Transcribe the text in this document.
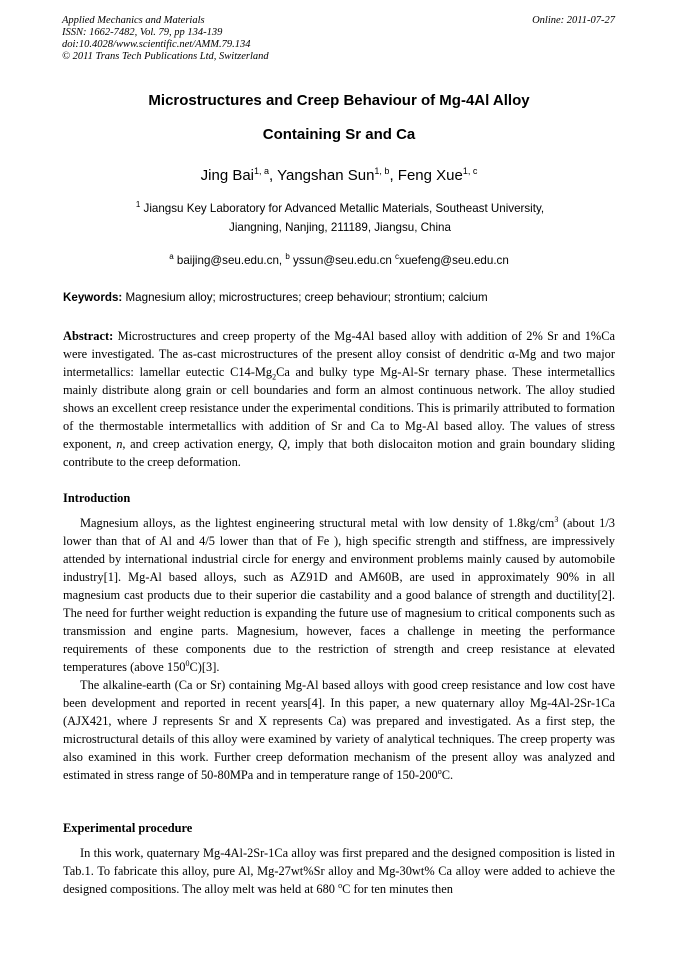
Applied Mechanics and Materials
ISSN: 1662-7482, Vol. 79, pp 134-139
doi:10.4028/www.scientific.net/AMM.79.134
© 2011 Trans Tech Publications Ltd, Switzerland
Online: 2011-07-27
Microstructures and Creep Behaviour of Mg-4Al Alloy
Containing Sr and Ca
Jing Bai$^{1, a}$, Yangshan Sun$^{1, b}$, Feng Xue$^{1, c}$
$^1$ Jiangsu Key Laboratory for Advanced Metallic Materials, Southeast University,
Jiangning, Nanjing, 211189, Jiangsu, China
$^a$ baijing@seu.edu.cn, $^b$ yssun@seu.edu.cn $^c$xuefeng@seu.edu.cn
Keywords: Magnesium alloy; microstructures; creep behaviour; strontium; calcium
Abstract: Microstructures and creep property of the Mg-4Al based alloy with addition of 2% Sr and 1%Ca were investigated. The as-cast microstructures of the present alloy consist of dendritic α-Mg and two major intermetallics: lamellar eutectic $C14-Mg_2Ca$ and bulky type Mg-Al-Sr ternary phase. These intermetallics mainly distribute along grain or cell boundaries and form an almost continuous network. The alloy studied shows an excellent creep resistance under the experimental conditions. This is primarily attributed to formation of the thermostable intermetallics with addition of Sr and Ca to Mg-Al based alloy. The values of stress exponent, n, and creep activation energy, Q, imply that both dislocaiton motion and grain boundary sliding contribute to the creep deformation.
Introduction
Magnesium alloys, as the lightest engineering structural metal with low density of $1.8kg/cm^3$ (about 1/3 lower than that of Al and 4/5 lower than that of Fe ), high specific strength and stiffness, are impressively attended by international industrial circle for energy and environment problems mainly caused by automobile industry[1]. Mg-Al based alloys, such as AZ91D and AM60B, are used in approximately 90% in all magnesium cast products due to their superior die castability and a good balance of strength and ductility[2]. The need for further weight reduction is expanding the future use of magnesium to critical components such as transmission and engine parts. Magnesium, however, faces a challenge in meeting the performance requirements of these components due to the restriction of strength and creep resistance at elevated temperatures (above $150^0C)[3]$.
The alkaline-earth (Ca or Sr) containing Mg-Al based alloys with good creep resistance and low cost have been development and reported in recent years[4]. In this paper, a new quaternary alloy Mg-4Al-2Sr-1Ca (AJX421, where J represents Sr and X represents Ca) was prepared and investigated. As a first step, the microstructural details of this alloy were examined by variety of analytical techniques. The creep property was also examined in this work. Further creep deformation mechanism of the present alloy was analyzed and estimated in stress range of 50-80MPa and in temperature range of 150-200$^o$C.
Experimental procedure
In this work, quaternary Mg-4Al-2Sr-1Ca alloy was first prepared and the designed composition is listed in Tab.1. To fabricate this alloy, pure Al, Mg-27wt%Sr alloy and Mg-30wt% Ca alloy were added to achieve the designed compositions. The alloy melt was held at 680 $^o$C for ten minutes then
